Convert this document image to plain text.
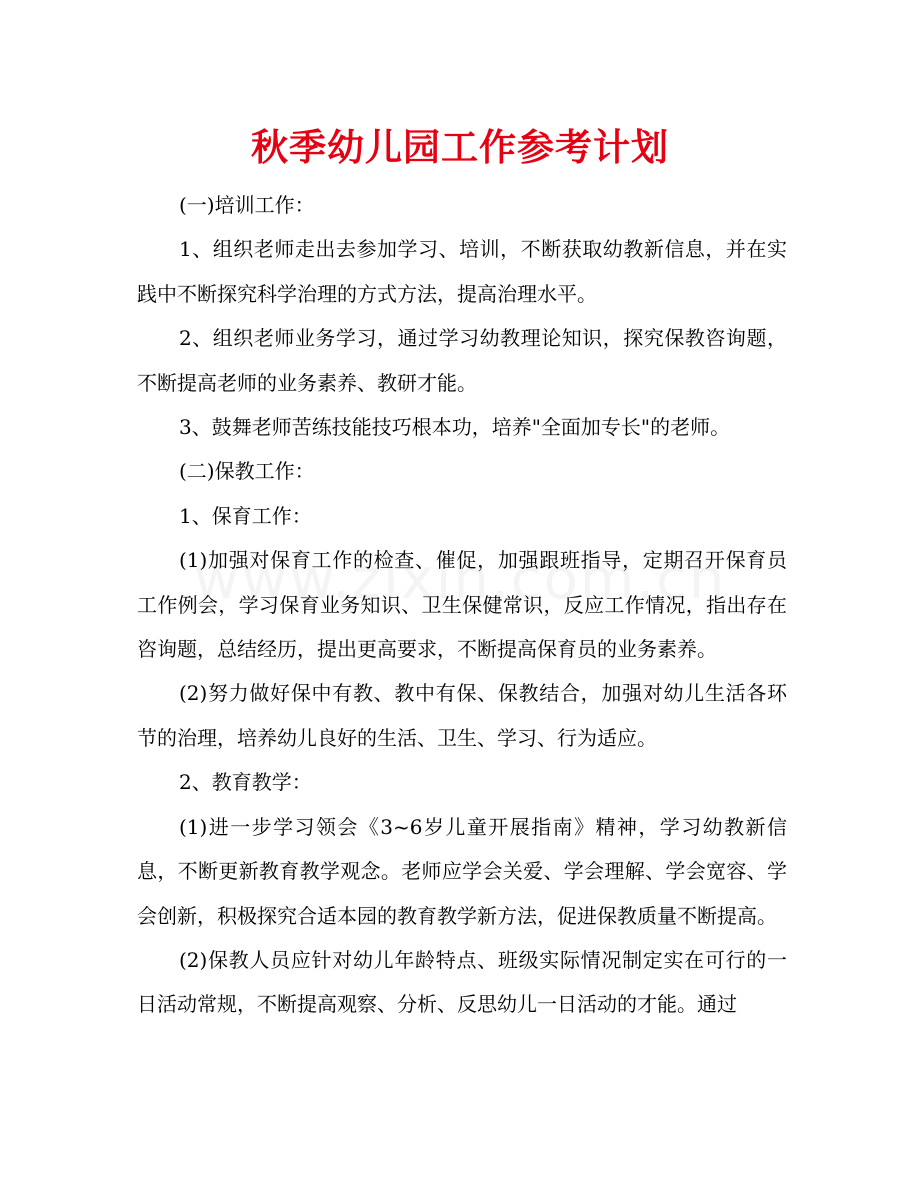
秋季幼儿园工作参考计划

(一)培训工作：

1、组织老师走出去参加学习、培训，不断获取幼教新信息，并在实践中不断探究科学治理的方式方法，提高治理水平。

2、组织老师业务学习，通过学习幼教理论知识，探究保教咨询题，不断提高老师的业务素养、教研才能。

3、鼓舞老师苦练技能技巧根本功，培养"全面加专长"的老师。

(二)保教工作：

1、保育工作：

(1)加强对保育工作的检查、催促，加强跟班指导，定期召开保育员工作例会，学习保育业务知识、卫生保健常识，反应工作情况，指出存在咨询题，总结经历，提出更高要求，不断提高保育员的业务素养。

(2)努力做好保中有教、教中有保、保教结合，加强对幼儿生活各环节的治理，培养幼儿良好的生活、卫生、学习、行为适应。

2、教育教学：

(1)进一步学习领会《3~6岁儿童开展指南》精神，学习幼教新信息，不断更新教育教学观念。老师应学会关爱、学会理解、学会宽容、学会创新，积极探究合适本园的教育教学新方法，促进保教质量不断提高。

(2)保教人员应针对幼儿年龄特点、班级实际情况制定实在可行的一日活动常规，不断提高观察、分析、反思幼儿一日活动的才能。通过
